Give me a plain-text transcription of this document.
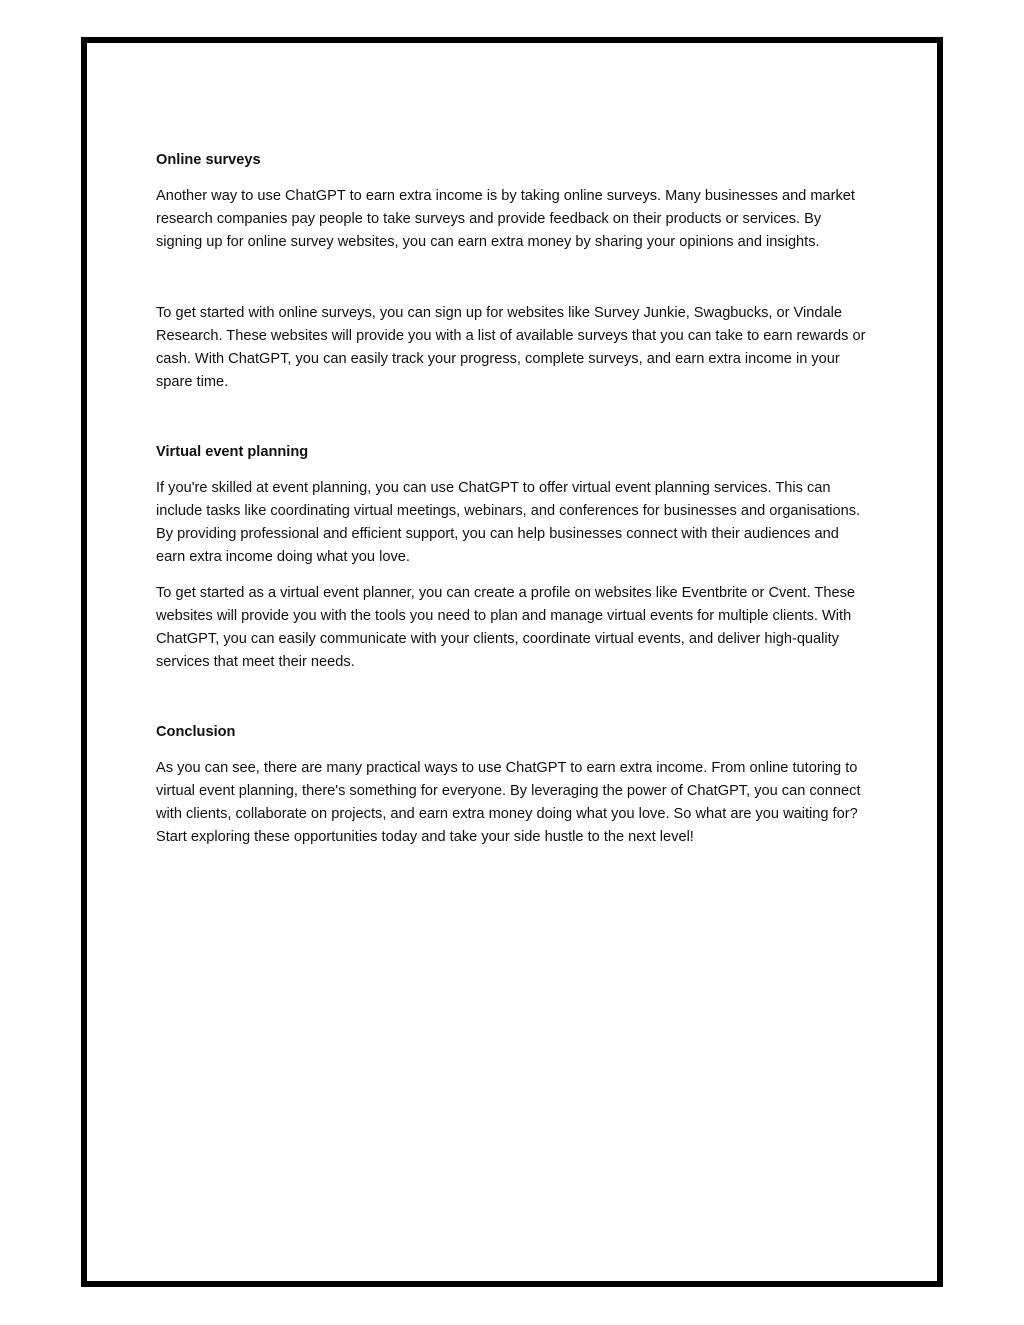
Online surveys

Another way to use ChatGPT to earn extra income is by taking online surveys. Many businesses and market research companies pay people to take surveys and provide feedback on their products or services. By signing up for online survey websites, you can earn extra money by sharing your opinions and insights.

To get started with online surveys, you can sign up for websites like Survey Junkie, Swagbucks, or Vindale Research. These websites will provide you with a list of available surveys that you can take to earn rewards or cash. With ChatGPT, you can easily track your progress, complete surveys, and earn extra income in your spare time.

Virtual event planning

If you're skilled at event planning, you can use ChatGPT to offer virtual event planning services. This can include tasks like coordinating virtual meetings, webinars, and conferences for businesses and organisations. By providing professional and efficient support, you can help businesses connect with their audiences and earn extra income doing what you love.

To get started as a virtual event planner, you can create a profile on websites like Eventbrite or Cvent. These websites will provide you with the tools you need to plan and manage virtual events for multiple clients. With ChatGPT, you can easily communicate with your clients, coordinate virtual events, and deliver high-quality services that meet their needs.

Conclusion

As you can see, there are many practical ways to use ChatGPT to earn extra income. From online tutoring to virtual event planning, there's something for everyone. By leveraging the power of ChatGPT, you can connect with clients, collaborate on projects, and earn extra money doing what you love. So what are you waiting for? Start exploring these opportunities today and take your side hustle to the next level!
